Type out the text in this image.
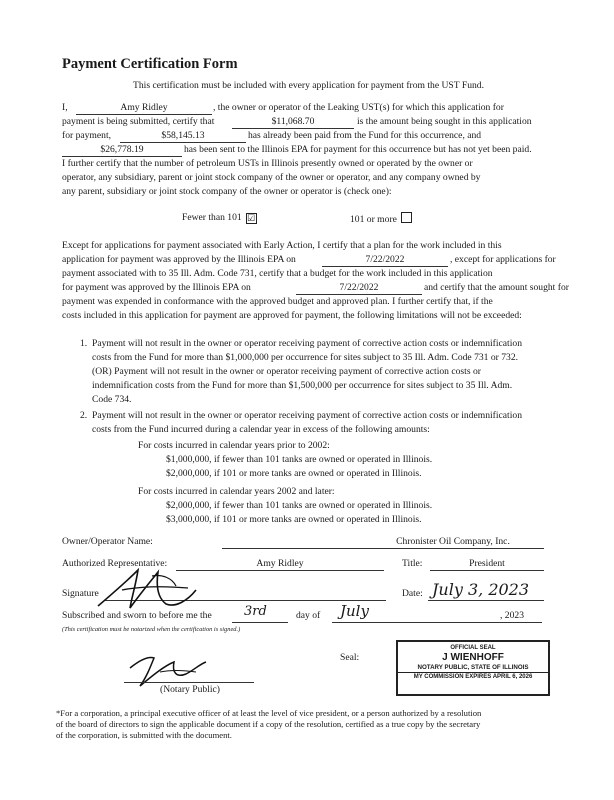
Payment Certification Form
This certification must be included with every application for payment from the UST Fund.
I,	Amy Ridley	, the owner or operator of the Leaking UST(s) for which this application for
payment is being submitted, certify that	$11,068.70	is the amount being sought in this application
for payment,	$58,145.13	has already been paid from the Fund for this occurrence, and
$26,778.19	has been sent to the Illinois EPA for payment for this occurrence but has not yet been paid.
I further certify that the number of petroleum USTs in Illinois presently owned or operated by the owner or
operator, any subsidiary, parent or joint stock company of the owner or operator, and any company owned by
any parent, subsidiary or joint stock company of the owner or operator is (check one):
Fewer than 101 ☑	101 or more
Except for applications for payment associated with Early Action, I certify that a plan for the work included in this
application for payment was approved by the Illinois EPA on	7/22/2022	, except for applications for
payment associated with to 35 Ill. Adm. Code 731, certify that a budget for the work included in this application
for payment was approved by the Illinois EPA on	7/22/2022	and certify that the amount sought for
payment was expended in conformance with the approved budget and approved plan. I further certify that, if the
costs included in this application for payment are approved for payment, the following limitations will not be exceeded:
1. Payment will not result in the owner or operator receiving payment of corrective action costs or indemnification
costs from the Fund for more than $1,000,000 per occurrence for sites subject to 35 Ill. Adm. Code 731 or 732.
(OR) Payment will not result in the owner or operator receiving payment of corrective action costs or
indemnification costs from the Fund for more than $1,500,000 per occurrence for sites subject to 35 Ill. Adm.
Code 734.
2. Payment will not result in the owner or operator receiving payment of corrective action costs or indemnification
costs from the Fund incurred during a calendar year in excess of the following amounts:
For costs incurred in calendar years prior to 2002:
$1,000,000, if fewer than 101 tanks are owned or operated in Illinois.
$2,000,000, if 101 or more tanks are owned or operated in Illinois.
For costs incurred in calendar years 2002 and later:
$2,000,000, if fewer than 101 tanks are owned or operated in Illinois.
$3,000,000, if 101 or more tanks are owned or operated in Illinois.
Owner/Operator Name:	Chronister Oil Company, Inc.
Authorized Representative:	Amy Ridley	Title:	President
Signature	Date: July 3, 2023
Subscribed and sworn to before me the 3rd	day of July	, 2023
(This certification must be notarized when the certification is signed.)
Seal:
(Notary Public)
OFFICIAL SEAL
J WIENHOFF
NOTARY PUBLIC, STATE OF ILLINOIS
MY COMMISSION EXPIRES APRIL 6, 2026
*For a corporation, a principal executive officer of at least the level of vice president, or a person authorized by a resolution
of the board of directors to sign the applicable document if a copy of the resolution, certified as a true copy by the secretary
of the corporation, is submitted with the document.
